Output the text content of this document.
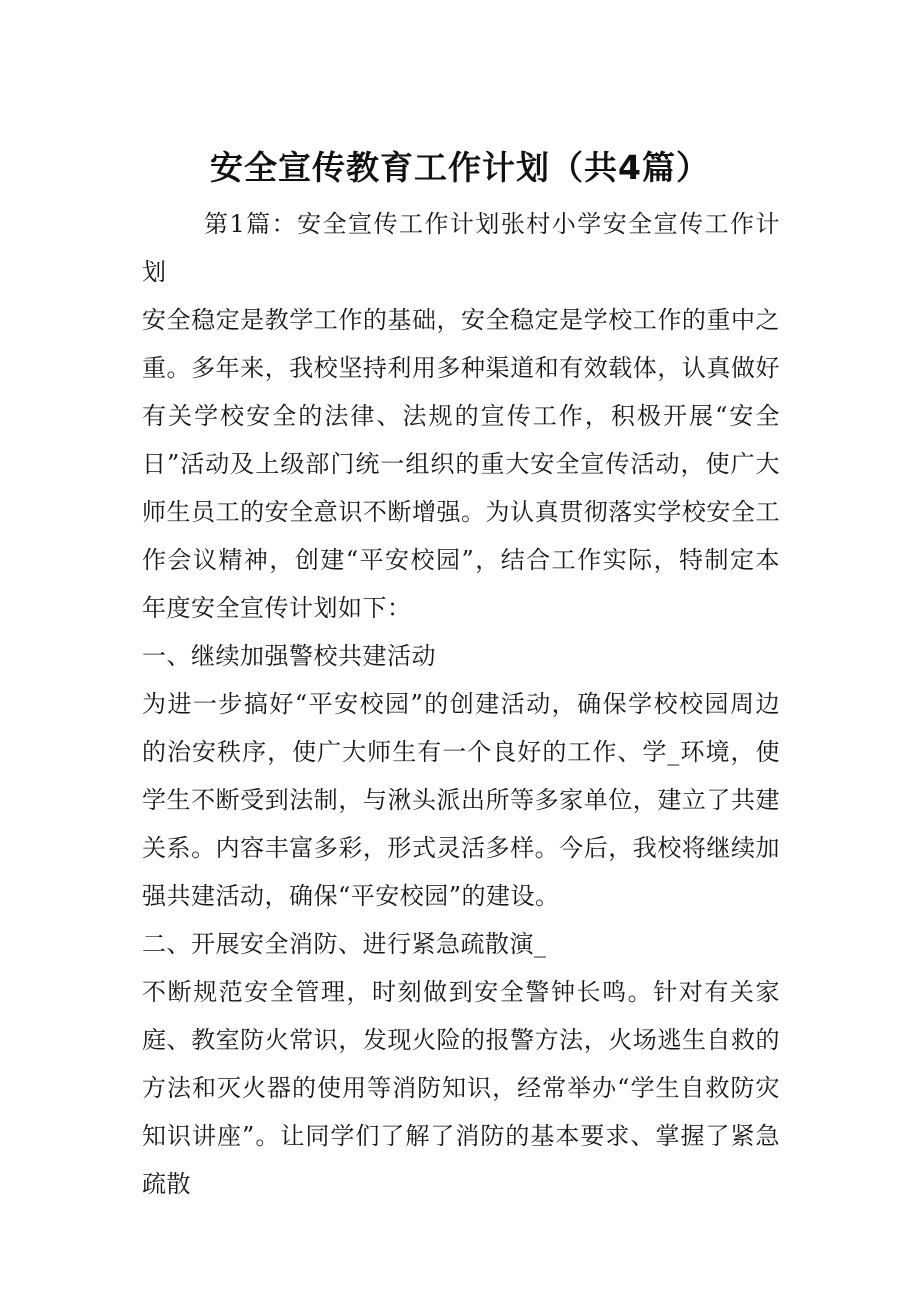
安全宣传教育工作计划（共4篇）

第1篇：安全宣传工作计划张村小学安全宣传工作计划

安全稳定是教学工作的基础，安全稳定是学校工作的重中之重。多年来，我校坚持利用多种渠道和有效载体，认真做好有关学校安全的法律、法规的宣传工作，积极开展“安全日”活动及上级部门统一组织的重大安全宣传活动，使广大师生员工的安全意识不断增强。为认真贯彻落实学校安全工作会议精神，创建“平安校园”，结合工作实际，特制定本年度安全宣传计划如下：

一、继续加强警校共建活动

为进一步搞好“平安校园”的创建活动，确保学校校园周边的治安秩序，使广大师生有一个良好的工作、学_环境，使学生不断受到法制，与湫头派出所等多家单位，建立了共建关系。内容丰富多彩，形式灵活多样。今后，我校将继续加强共建活动，确保“平安校园”的建设。

二、开展安全消防、进行紧急疏散演_

不断规范安全管理，时刻做到安全警钟长鸣。针对有关家庭、教室防火常识，发现火险的报警方法，火场逃生自救的方法和灭火器的使用等消防知识，经常举办“学生自救防灾知识讲座”。让同学们了解了消防的基本要求、掌握了紧急疏散
